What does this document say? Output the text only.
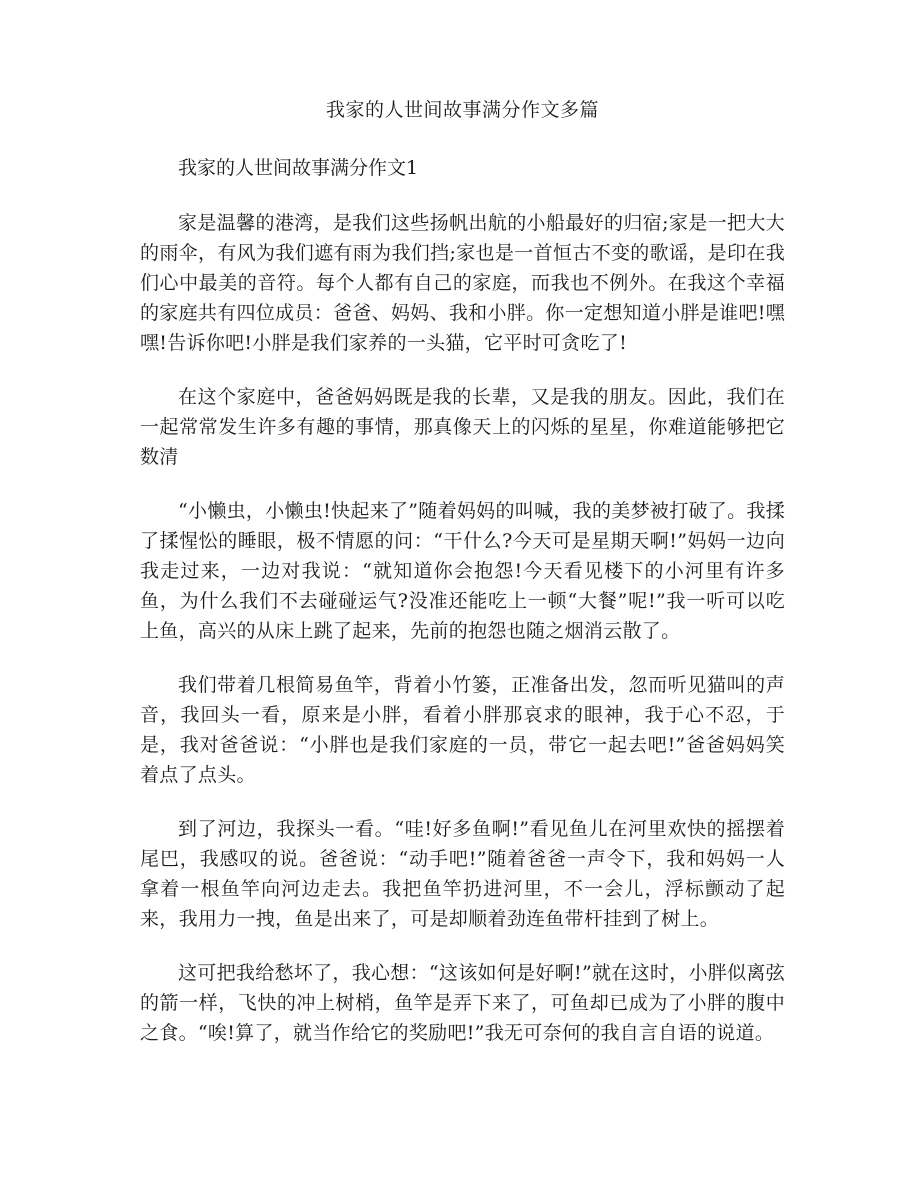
我家的人世间故事满分作文多篇
我家的人世间故事满分作文1

家是温馨的港湾，是我们这些扬帆出航的小船最好的归宿;家是一把大大的雨伞，有风为我们遮有雨为我们挡;家也是一首恒古不变的歌谣，是印在我们心中最美的音符。每个人都有自己的家庭，而我也不例外。在我这个幸福的家庭共有四位成员：爸爸、妈妈、我和小胖。你一定想知道小胖是谁吧!嘿嘿!告诉你吧!小胖是我们家养的一头猫，它平时可贪吃了!

在这个家庭中，爸爸妈妈既是我的长辈，又是我的朋友。因此，我们在一起常常发生许多有趣的事情，那真像天上的闪烁的星星，你难道能够把它数清

“小懒虫，小懒虫!快起来了”随着妈妈的叫喊，我的美梦被打破了。我揉了揉惺忪的睡眼，极不情愿的问：“干什么?今天可是星期天啊!”妈妈一边向我走过来，一边对我说：“就知道你会抱怨!今天看见楼下的小河里有许多鱼，为什么我们不去碰碰运气?没准还能吃上一顿“大餐”呢!”我一听可以吃上鱼，高兴的从床上跳了起来，先前的抱怨也随之烟消云散了。

我们带着几根简易鱼竿，背着小竹篓，正准备出发，忽而听见猫叫的声音，我回头一看，原来是小胖，看着小胖那哀求的眼神，我于心不忍，于是，我对爸爸说：“小胖也是我们家庭的一员，带它一起去吧!”爸爸妈妈笑着点了点头。

到了河边，我探头一看。“哇!好多鱼啊!”看见鱼儿在河里欢快的摇摆着尾巴，我感叹的说。爸爸说：“动手吧!”随着爸爸一声令下，我和妈妈一人拿着一根鱼竿向河边走去。我把鱼竿扔进河里，不一会儿，浮标颤动了起来，我用力一拽，鱼是出来了，可是却顺着劲连鱼带杆挂到了树上。

这可把我给愁坏了，我心想：“这该如何是好啊!”就在这时，小胖似离弦的箭一样，飞快的冲上树梢，鱼竿是弄下来了，可鱼却已成为了小胖的腹中之食。“唉!算了，就当作给它的奖励吧!”我无可奈何的我自言自语的说道。
